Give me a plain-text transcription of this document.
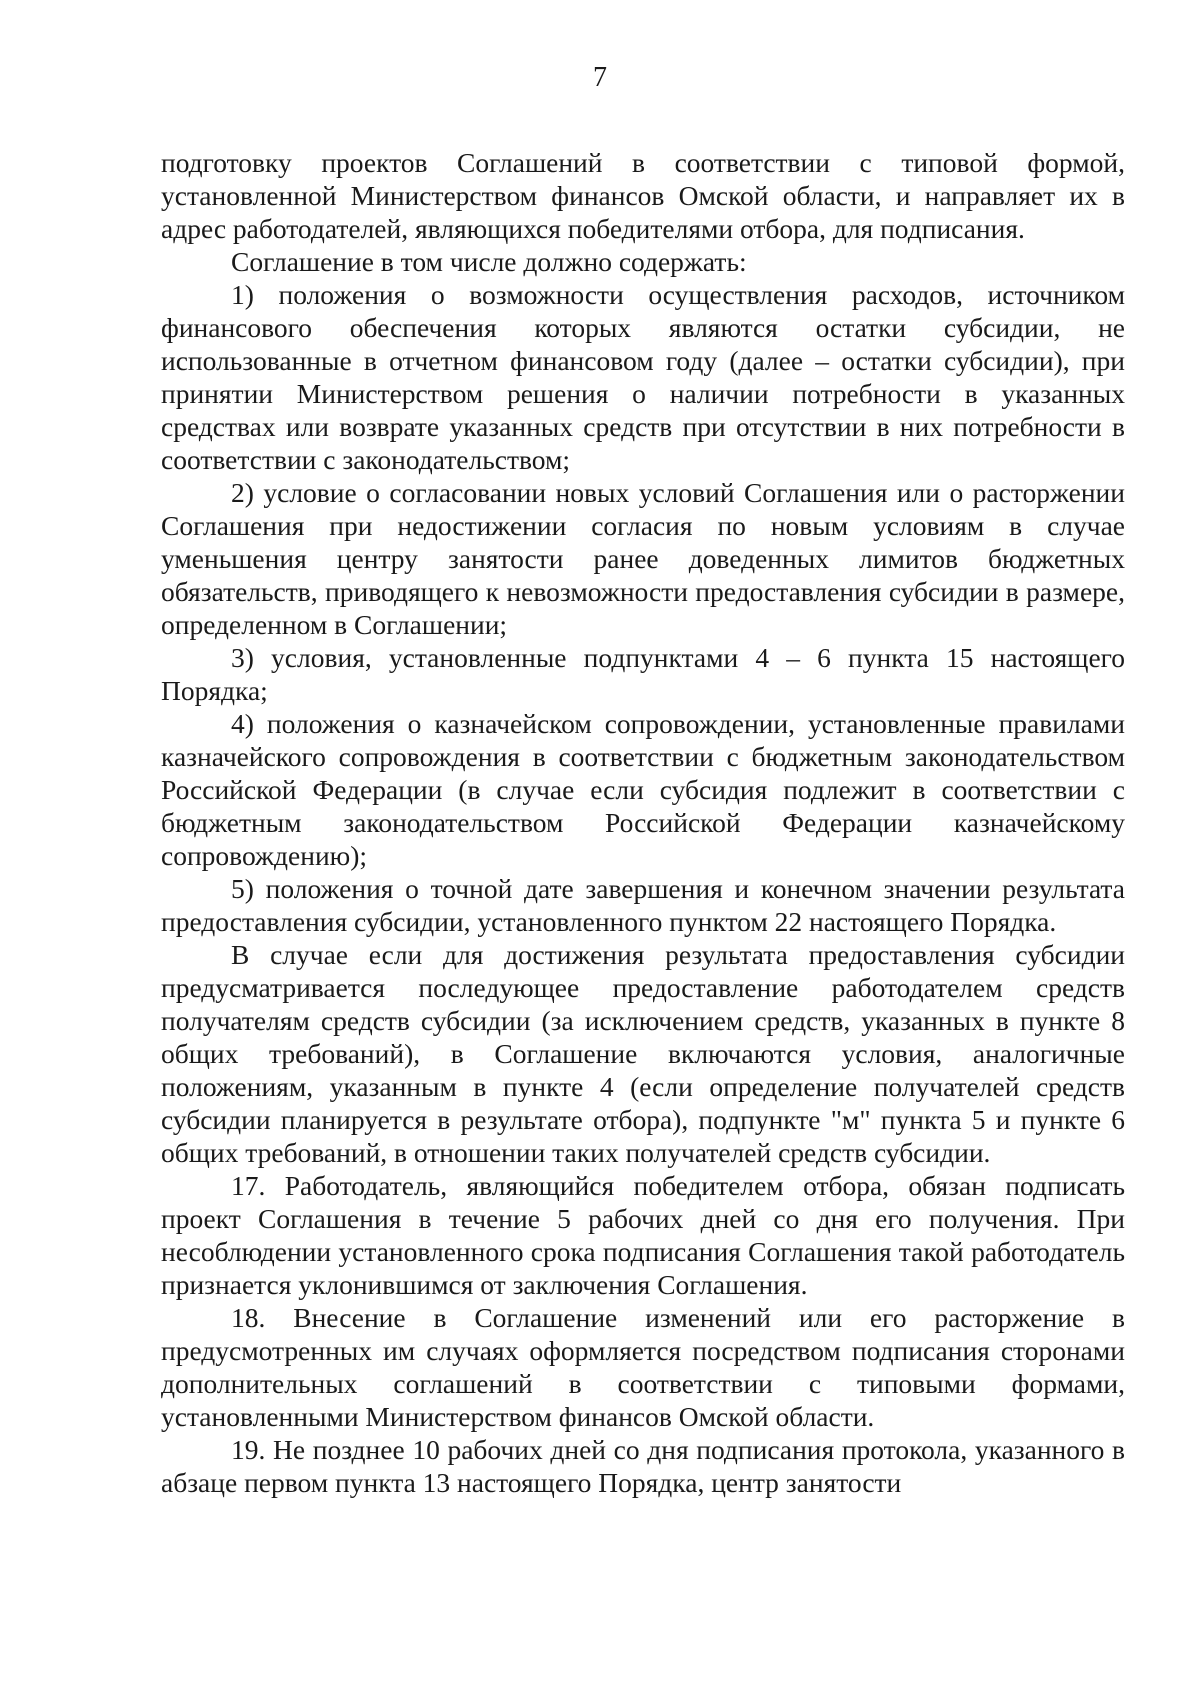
7

подготовку проектов Соглашений в соответствии с типовой формой, установленной Министерством финансов Омской области, и направляет их в адрес работодателей, являющихся победителями отбора, для подписания.

Соглашение в том числе должно содержать:

1) положения о возможности осуществления расходов, источником финансового обеспечения которых являются остатки субсидии, не использованные в отчетном финансовом году (далее – остатки субсидии), при принятии Министерством решения о наличии потребности в указанных средствах или возврате указанных средств при отсутствии в них потребности в соответствии с законодательством;

2) условие о согласовании новых условий Соглашения или о расторжении Соглашения при недостижении согласия по новым условиям в случае уменьшения центру занятости ранее доведенных лимитов бюджетных обязательств, приводящего к невозможности предоставления субсидии в размере, определенном в Соглашении;

3) условия, установленные подпунктами 4 – 6 пункта 15 настоящего Порядка;

4) положения о казначейском сопровождении, установленные правилами казначейского сопровождения в соответствии с бюджетным законодательством Российской Федерации (в случае если субсидия подлежит в соответствии с бюджетным законодательством Российской Федерации казначейскому сопровождению);

5) положения о точной дате завершения и конечном значении результата предоставления субсидии, установленного пунктом 22 настоящего Порядка.

В случае если для достижения результата предоставления субсидии предусматривается последующее предоставление работодателем средств получателям средств субсидии (за исключением средств, указанных в пункте 8 общих требований), в Соглашение включаются условия, аналогичные положениям, указанным в пункте 4 (если определение получателей средств субсидии планируется в результате отбора), подпункте "м" пункта 5 и пункте 6 общих требований, в отношении таких получателей средств субсидии.

17. Работодатель, являющийся победителем отбора, обязан подписать проект Соглашения в течение 5 рабочих дней со дня его получения. При несоблюдении установленного срока подписания Соглашения такой работодатель признается уклонившимся от заключения Соглашения.

18. Внесение в Соглашение изменений или его расторжение в предусмотренных им случаях оформляется посредством подписания сторонами дополнительных соглашений в соответствии с типовыми формами, установленными Министерством финансов Омской области.

19. Не позднее 10 рабочих дней со дня подписания протокола, указанного в абзаце первом пункта 13 настоящего Порядка, центр занятости
